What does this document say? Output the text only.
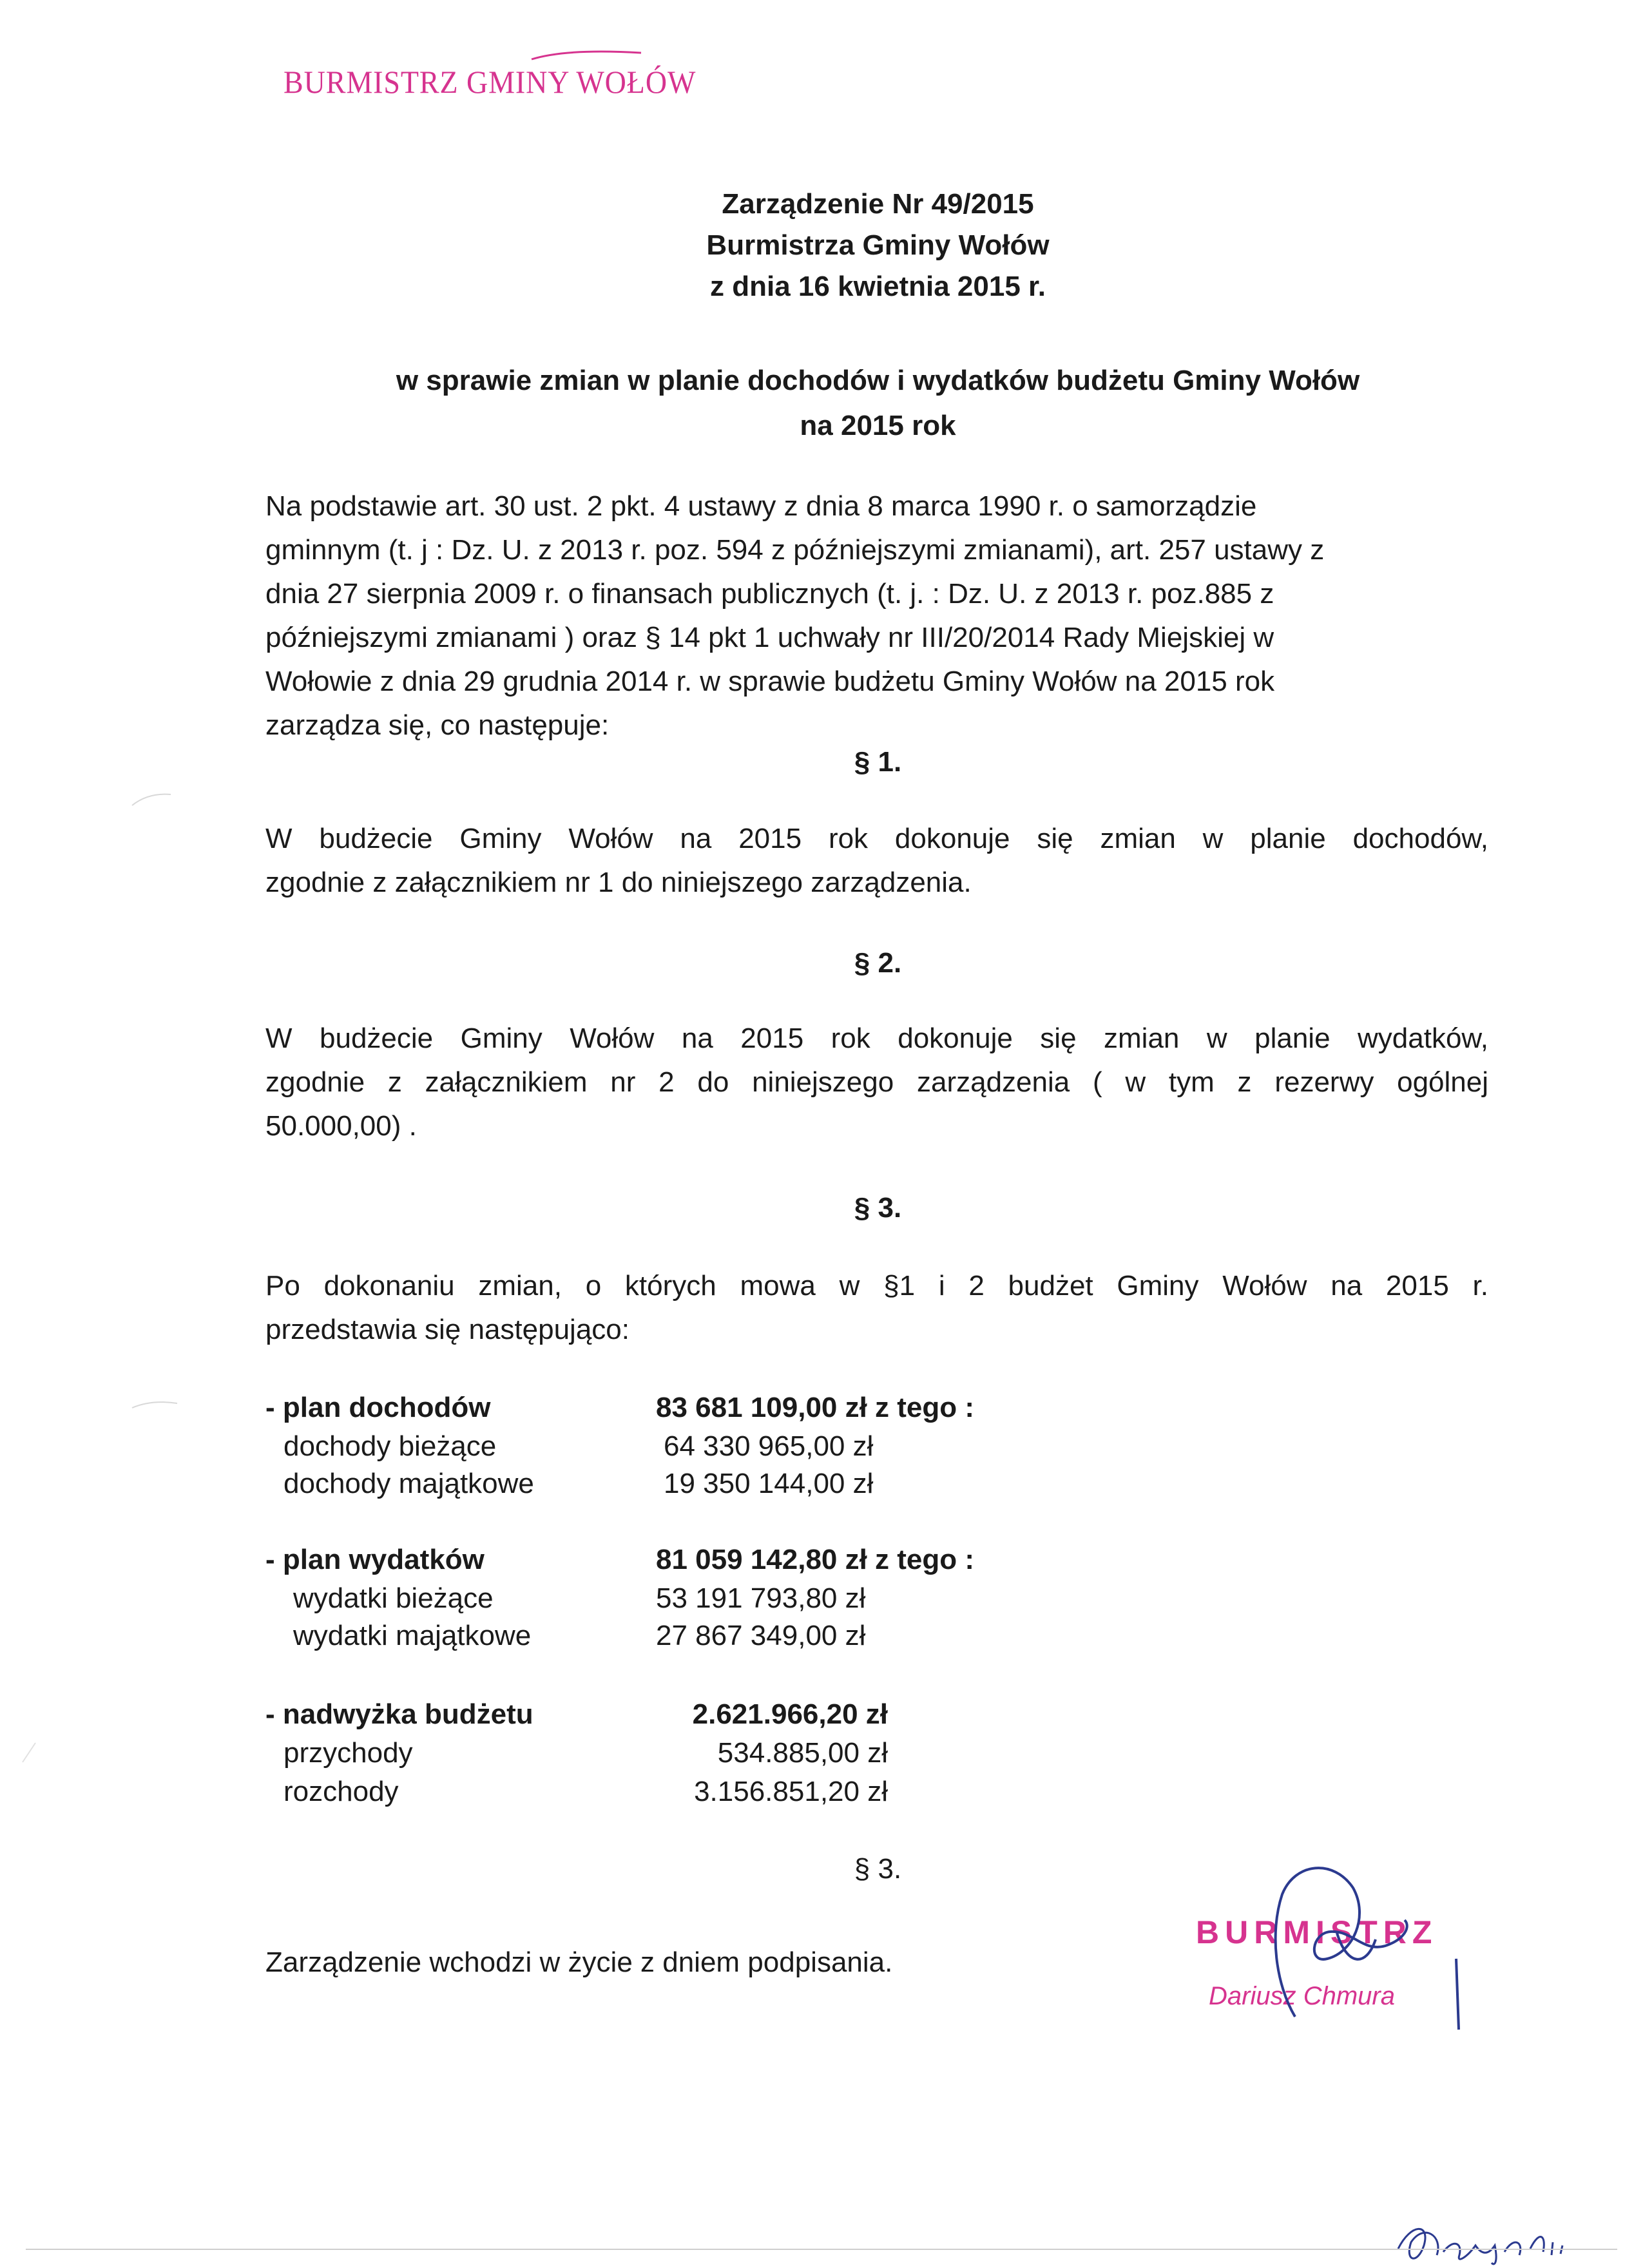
BURMISTRZ GMINY WOŁÓW
Zarządzenie Nr 49/2015
Burmistrza Gminy Wołów
z dnia 16 kwietnia 2015 r.
w sprawie zmian w planie dochodów i wydatków budżetu Gminy Wołów
na 2015 rok
Na podstawie art. 30 ust. 2 pkt. 4 ustawy z dnia 8 marca 1990 r. o samorządzie
gminnym (t. j : Dz. U. z 2013 r. poz. 594 z późniejszymi zmianami), art. 257 ustawy z
dnia 27 sierpnia 2009 r. o finansach publicznych (t. j. : Dz. U. z 2013 r. poz.885 z
późniejszymi zmianami ) oraz § 14 pkt 1 uchwały nr III/20/2014 Rady Miejskiej w
Wołowie z dnia 29 grudnia 2014 r. w sprawie budżetu Gminy Wołów na 2015 rok
zarządza się, co następuje:
§ 1.
W budżecie Gminy Wołów na 2015 rok dokonuje się zmian w planie dochodów,
zgodnie z załącznikiem nr 1 do niniejszego zarządzenia.
§ 2.
W budżecie Gminy Wołów na 2015 rok dokonuje się zmian w planie wydatków,
zgodnie z załącznikiem nr 2 do niniejszego zarządzenia ( w tym z rezerwy ogólnej
50.000,00) .
§ 3.
Po dokonaniu zmian, o których mowa w §1 i 2 budżet Gminy Wołów na 2015 r.
przedstawia się następująco:
- plan dochodów	83 681 109,00 zł z tego :
dochody bieżące	64 330 965,00 zł
dochody majątkowe	19 350 144,00 zł
- plan wydatków	81 059 142,80 zł z tego :
wydatki bieżące	53 191 793,80 zł
wydatki majątkowe	27 867 349,00 zł
- nadwyżka budżetu	2.621.966,20 zł
przychody	534.885,00 zł
rozchody	3.156.851,20 zł
§ 3.
Zarządzenie wchodzi w życie z dniem podpisania.
BURMISTRZ
Dariusz Chmura
